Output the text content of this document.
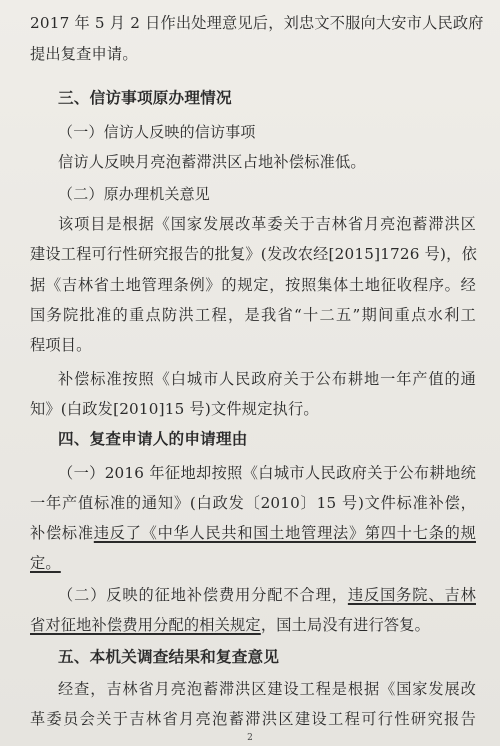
2017 年 5 月 2 日作出处理意见后，刘忠文不服向大安市人民政府
提出复查申请。
三、信访事项原办理情况
（一）信访人反映的信访事项
信访人反映月亮泡蓄滞洪区占地补偿标准低。
（二）原办理机关意见
该项目是根据《国家发展改革委关于吉林省月亮泡蓄滞洪区
建设工程可行性研究报告的批复》(发改农经[2015]1726 号)，依
据《吉林省土地管理条例》的规定，按照集体土地征收程序。经
国务院批准的重点防洪工程，是我省“十二五”期间重点水利工
程项目。
补偿标准按照《白城市人民政府关于公布耕地一年产值的通
知》(白政发[2010]15 号)文件规定执行。
四、复查申请人的申请理由
（一）2016 年征地却按照《白城市人民政府关于公布耕地统
一年产值标准的通知》(白政发〔2010〕15 号)文件标准补偿，
补偿标准违反了《中华人民共和国土地管理法》第四十七条的规
定。
（二）反映的征地补偿费用分配不合理，违反国务院、吉林
省对征地补偿费用分配的相关规定，国土局没有进行答复。
五、本机关调查结果和复查意见
经查，吉林省月亮泡蓄滞洪区建设工程是根据《国家发展改
革委员会关于吉林省月亮泡蓄滞洪区建设工程可行性研究报告
2
